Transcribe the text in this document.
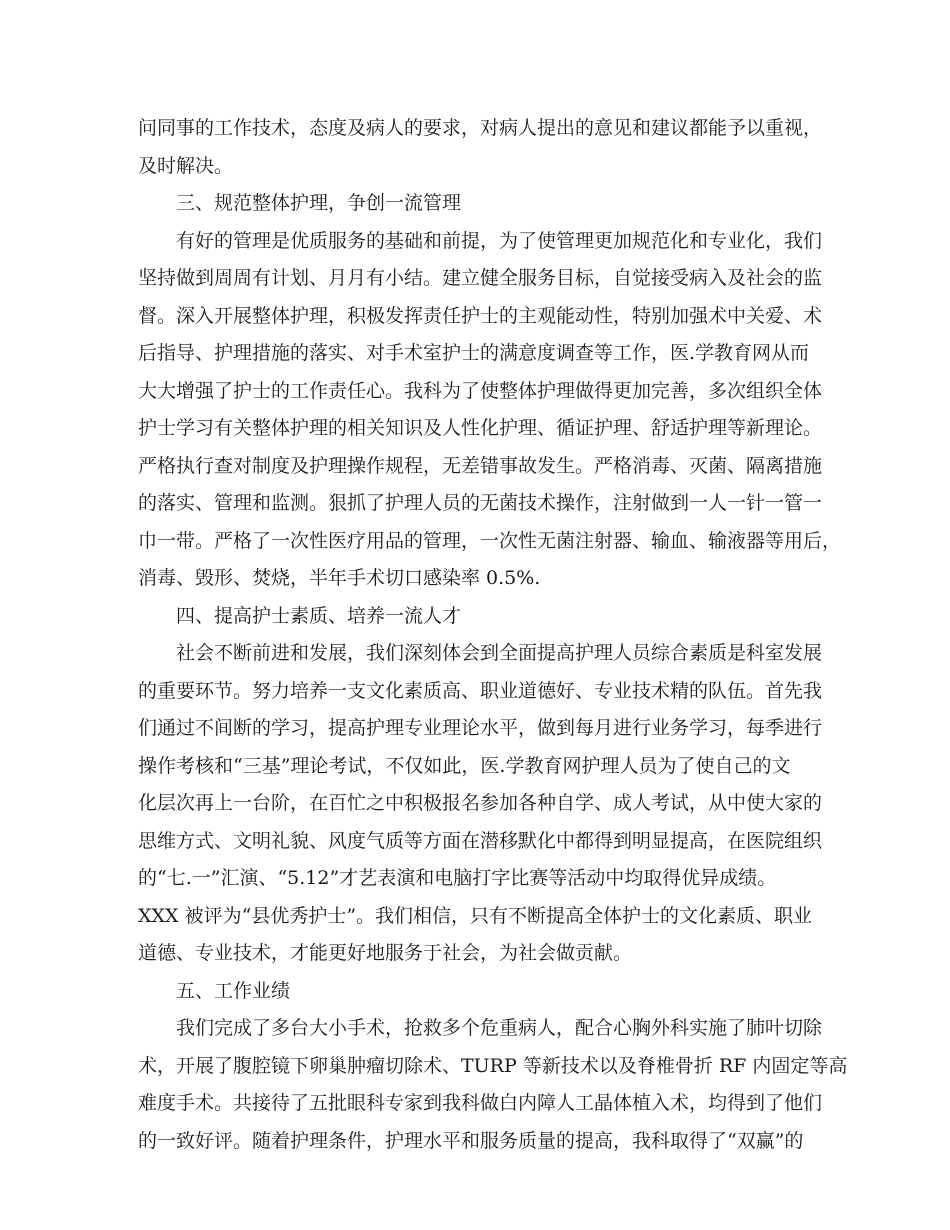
问同事的工作技术，态度及病人的要求，对病人提出的意见和建议都能予以重视，
及时解决。
三、规范整体护理，争创一流管理
有好的管理是优质服务的基础和前提，为了使管理更加规范化和专业化，我们
坚持做到周周有计划、月月有小结。建立健全服务目标，自觉接受病入及社会的监
督。深入开展整体护理，积极发挥责任护士的主观能动性，特别加强术中关爱、术
后指导、护理措施的落实、对手术室护士的满意度调查等工作，医.学教育网从而
大大增强了护士的工作责任心。我科为了使整体护理做得更加完善，多次组织全体
护士学习有关整体护理的相关知识及人性化护理、循证护理、舒适护理等新理论。
严格执行查对制度及护理操作规程，无差错事故发生。严格消毒、灭菌、隔离措施
的落实、管理和监测。狠抓了护理人员的无菌技术操作，注射做到一人一针一管一
巾一带。严格了一次性医疗用品的管理，一次性无菌注射器、输血、输液器等用后，
消毒、毁形、焚烧，半年手术切口感染率 0.5%.
四、提高护士素质、培养一流人才
社会不断前进和发展，我们深刻体会到全面提高护理人员综合素质是科室发展
的重要环节。努力培养一支文化素质高、职业道德好、专业技术精的队伍。首先我
们通过不间断的学习，提高护理专业理论水平，做到每月进行业务学习，每季进行
操作考核和“三基”理论考试，不仅如此，医.学教育网护理人员为了使自己的文
化层次再上一台阶，在百忙之中积极报名参加各种自学、成人考试，从中使大家的
思维方式、文明礼貌、风度气质等方面在潜移默化中都得到明显提高，在医院组织
的“七.一”汇演、“5.12”才艺表演和电脑打字比赛等活动中均取得优异成绩。
XXX 被评为“县优秀护士”。我们相信，只有不断提高全体护士的文化素质、职业
道德、专业技术，才能更好地服务于社会，为社会做贡献。
五、工作业绩
我们完成了多台大小手术，抢救多个危重病人，配合心胸外科实施了肺叶切除
术，开展了腹腔镜下卵巢肿瘤切除术、TURP 等新技术以及脊椎骨折 RF 内固定等高
难度手术。共接待了五批眼科专家到我科做白内障人工晶体植入术，均得到了他们
的一致好评。随着护理条件，护理水平和服务质量的提高，我科取得了“双赢”的
